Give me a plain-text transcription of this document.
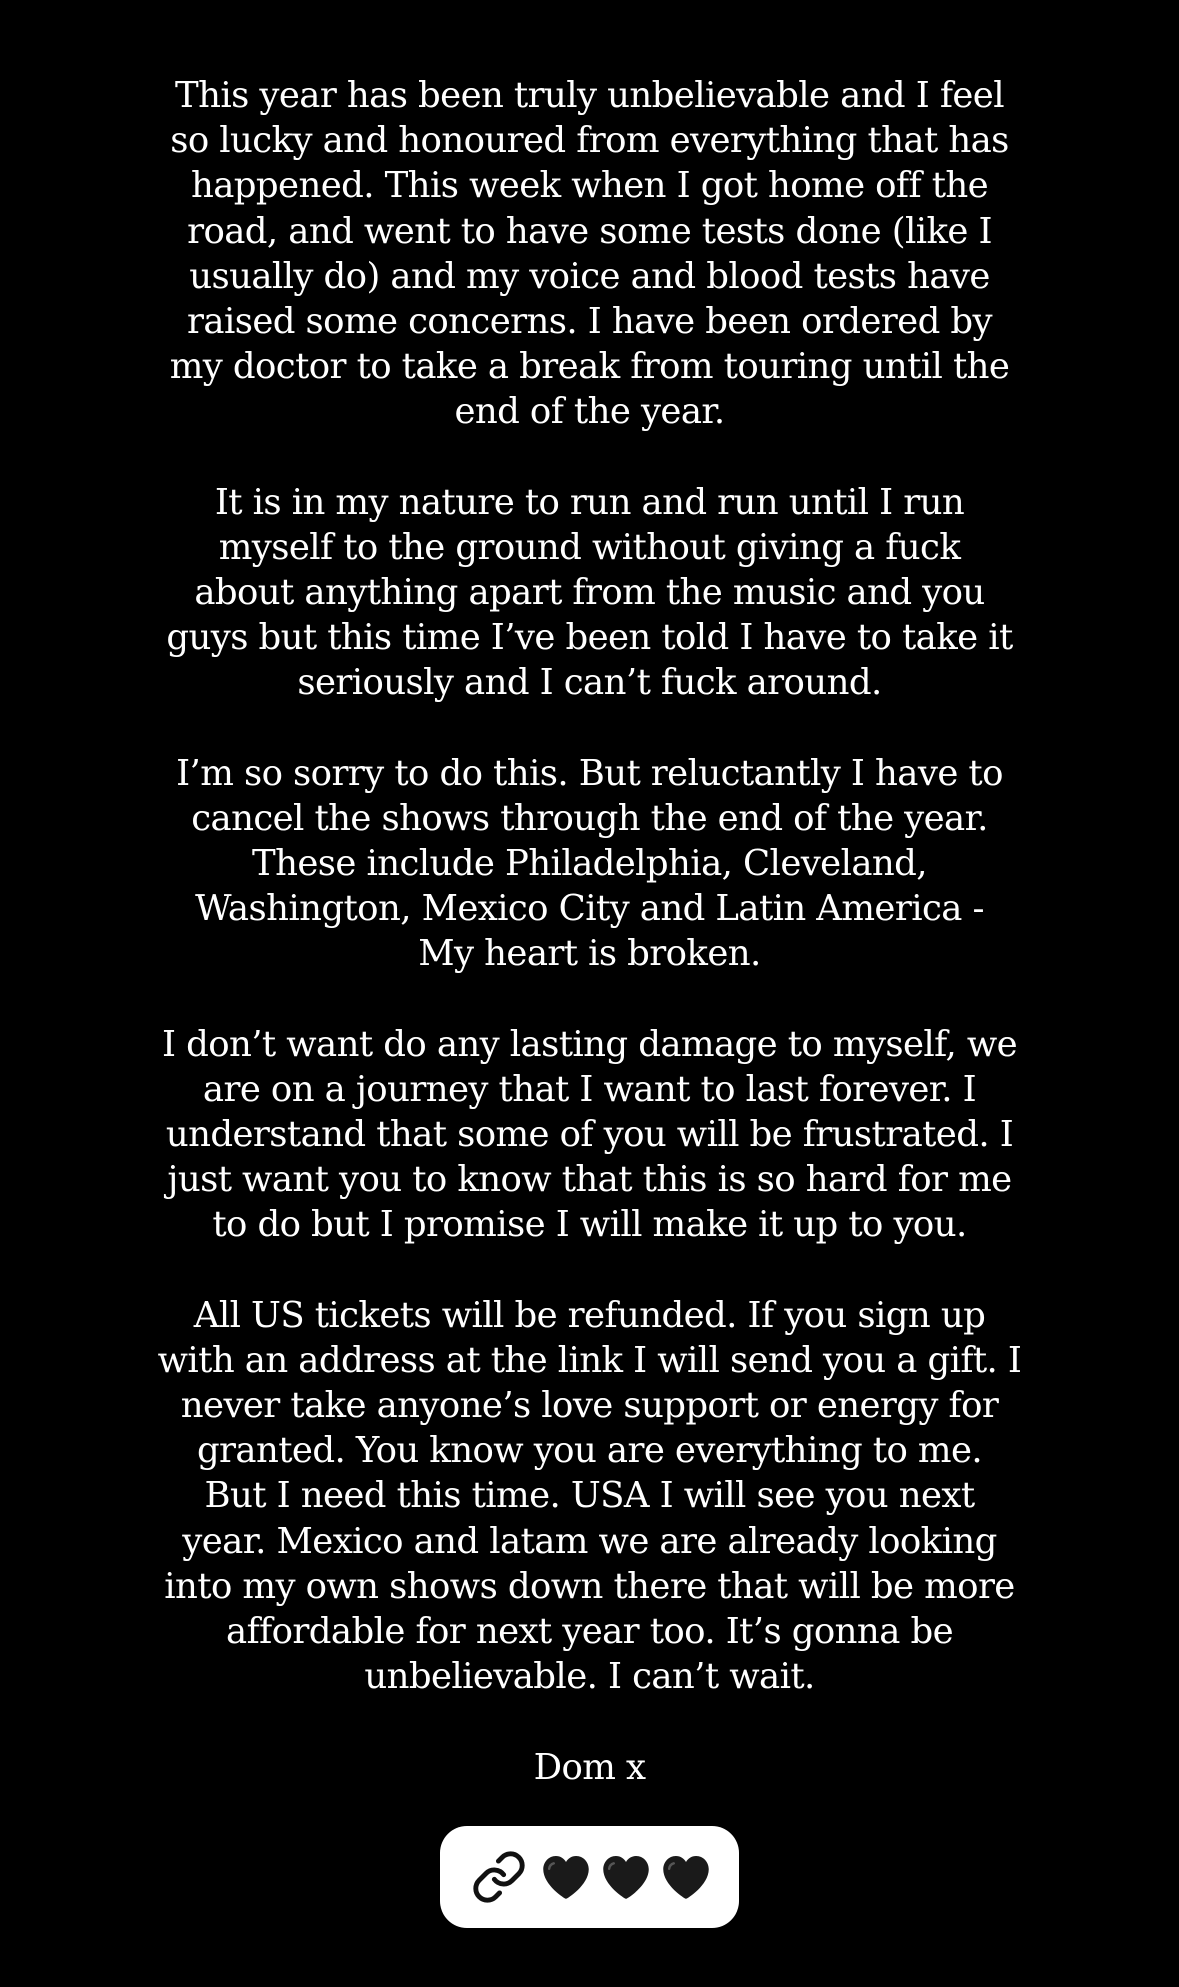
This year has been truly unbelievable and I feel
so lucky and honoured from everything that has
happened. This week when I got home off the
road, and went to have some tests done (like I
usually do) and my voice and blood tests have
raised some concerns. I have been ordered by
my doctor to take a break from touring until the
end of the year.
It is in my nature to run and run until I run
myself to the ground without giving a fuck
about anything apart from the music and you
guys but this time I’ve been told I have to take it
seriously and I can’t fuck around.
I’m so sorry to do this. But reluctantly I have to
cancel the shows through the end of the year.
These include Philadelphia, Cleveland,
Washington, Mexico City and Latin America -
My heart is broken.
I don’t want do any lasting damage to myself, we
are on a journey that I want to last forever. I
understand that some of you will be frustrated. I
just want you to know that this is so hard for me
to do but I promise I will make it up to you.
All US tickets will be refunded. If you sign up
with an address at the link I will send you a gift. I
never take anyone’s love support or energy for
granted. You know you are everything to me.
But I need this time. USA I will see you next
year. Mexico and latam we are already looking
into my own shows down there that will be more
affordable for next year too. It’s gonna be
unbelievable. I can’t wait.
Dom x
